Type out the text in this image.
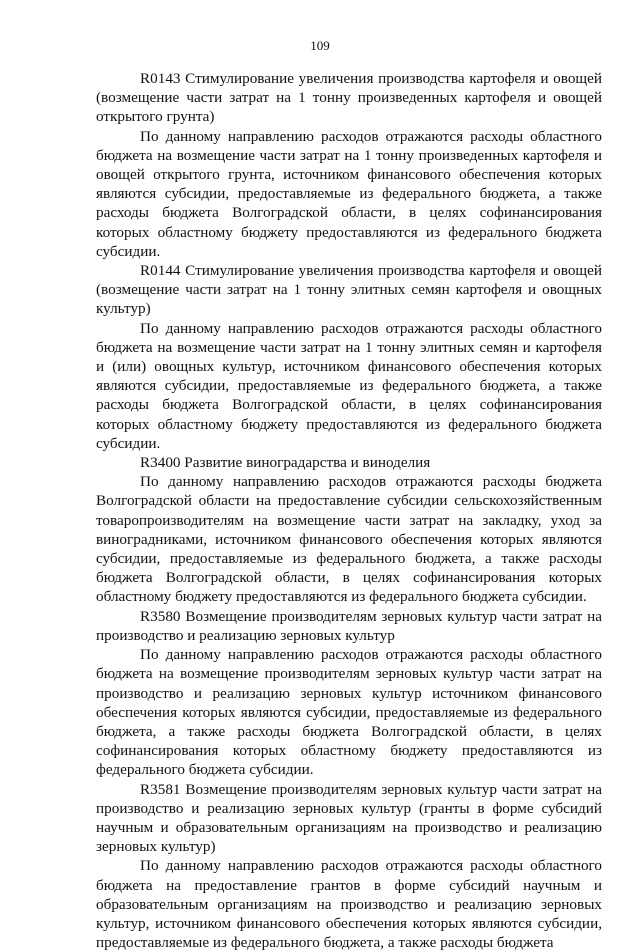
109

R0143 Стимулирование увеличения производства картофеля и овощей (возмещение части затрат на 1 тонну произведенных картофеля и овощей открытого грунта)

По данному направлению расходов отражаются расходы областного бюджета на возмещение части затрат на 1 тонну произведенных картофеля и овощей открытого грунта, источником финансового обеспечения которых являются субсидии, предоставляемые из федерального бюджета, а также расходы бюджета Волгоградской области, в целях софинансирования которых областному бюджету предоставляются из федерального бюджета субсидии.

R0144 Стимулирование увеличения производства картофеля и овощей (возмещение части затрат на 1 тонну элитных семян картофеля и овощных культур)

По данному направлению расходов отражаются расходы областного бюджета на возмещение части затрат на 1 тонну элитных семян и картофеля и (или) овощных культур, источником финансового обеспечения которых являются субсидии, предоставляемые из федерального бюджета, а также расходы бюджета Волгоградской области, в целях софинансирования которых областному бюджету предоставляются из федерального бюджета субсидии.

R3400 Развитие виноградарства и виноделия

По данному направлению расходов отражаются расходы бюджета Волгоградской области на предоставление субсидии сельскохозяйственным товаропроизводителям на возмещение части затрат на закладку, уход за виноградниками, источником финансового обеспечения которых являются субсидии, предоставляемые из федерального бюджета, а также расходы бюджета Волгоградской области, в целях софинансирования которых областному бюджету предоставляются из федерального бюджета субсидии.

R3580 Возмещение производителям зерновых культур части затрат на производство и реализацию зерновых культур

По данному направлению расходов отражаются расходы областного бюджета на возмещение производителям зерновых культур части затрат на производство и реализацию зерновых культур источником финансового обеспечения которых являются субсидии, предоставляемые из федерального бюджета, а также расходы бюджета Волгоградской области, в целях софинансирования которых областному бюджету предоставляются из федерального бюджета субсидии.

R3581 Возмещение производителям зерновых культур части затрат на производство и реализацию зерновых культур (гранты в форме субсидий научным и образовательным организациям на производство и реализацию зерновых культур)

По данному направлению расходов отражаются расходы областного бюджета на предоставление грантов в форме субсидий научным и образовательным организациям на производство и реализацию зерновых культур, источником финансового обеспечения которых являются субсидии, предоставляемые из федерального бюджета, а также расходы бюджета
